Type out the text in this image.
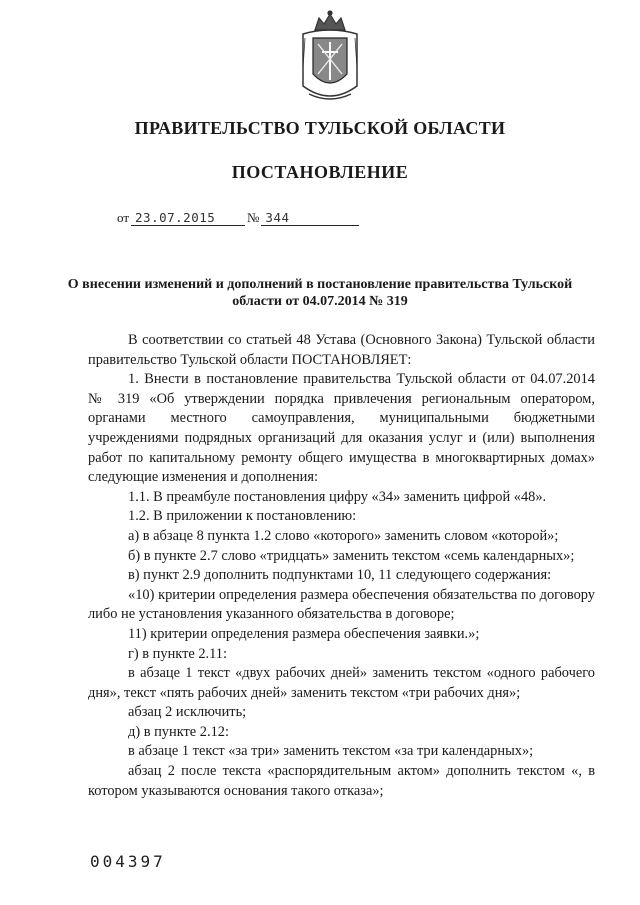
ПРАВИТЕЛЬСТВО ТУЛЬСКОЙ ОБЛАСТИ
ПОСТАНОВЛЕНИЕ
от 23.07.2015	№ 344
О внесении изменений и дополнений в постановление правительства Тульской области от 04.07.2014 № 319

В соответствии со статьей 48 Устава (Основного Закона) Тульской области правительство Тульской области ПОСТАНОВЛЯЕТ:

1. Внести в постановление правительства Тульской области от 04.07.2014 № 319 «Об утверждении порядка привлечения региональным оператором, органами местного самоуправления, муниципальными бюджетными учреждениями подрядных организаций для оказания услуг и (или) выполнения работ по капитальному ремонту общего имущества в многоквартирных домах» следующие изменения и дополнения:

1.1. В преамбуле постановления цифру «34» заменить цифрой «48».

1.2. В приложении к постановлению:

а) в абзаце 8 пункта 1.2 слово «которого» заменить словом «которой»;

б) в пункте 2.7 слово «тридцать» заменить текстом «семь календарных»;

в) пункт 2.9 дополнить подпунктами 10, 11 следующего содержания:

«10) критерии определения размера обеспечения обязательства по договору либо не установления указанного обязательства в договоре;

11) критерии определения размера обеспечения заявки.»;

г) в пункте 2.11:

в абзаце 1 текст «двух рабочих дней» заменить текстом «одного рабочего дня», текст «пять рабочих дней» заменить текстом «три рабочих дня»;

абзац 2 исключить;

д) в пункте 2.12:

в абзаце 1 текст «за три» заменить текстом «за три календарных»;

абзац 2 после текста «распорядительным актом» дополнить текстом «, в котором указываются основания такого отказа»;

004397
